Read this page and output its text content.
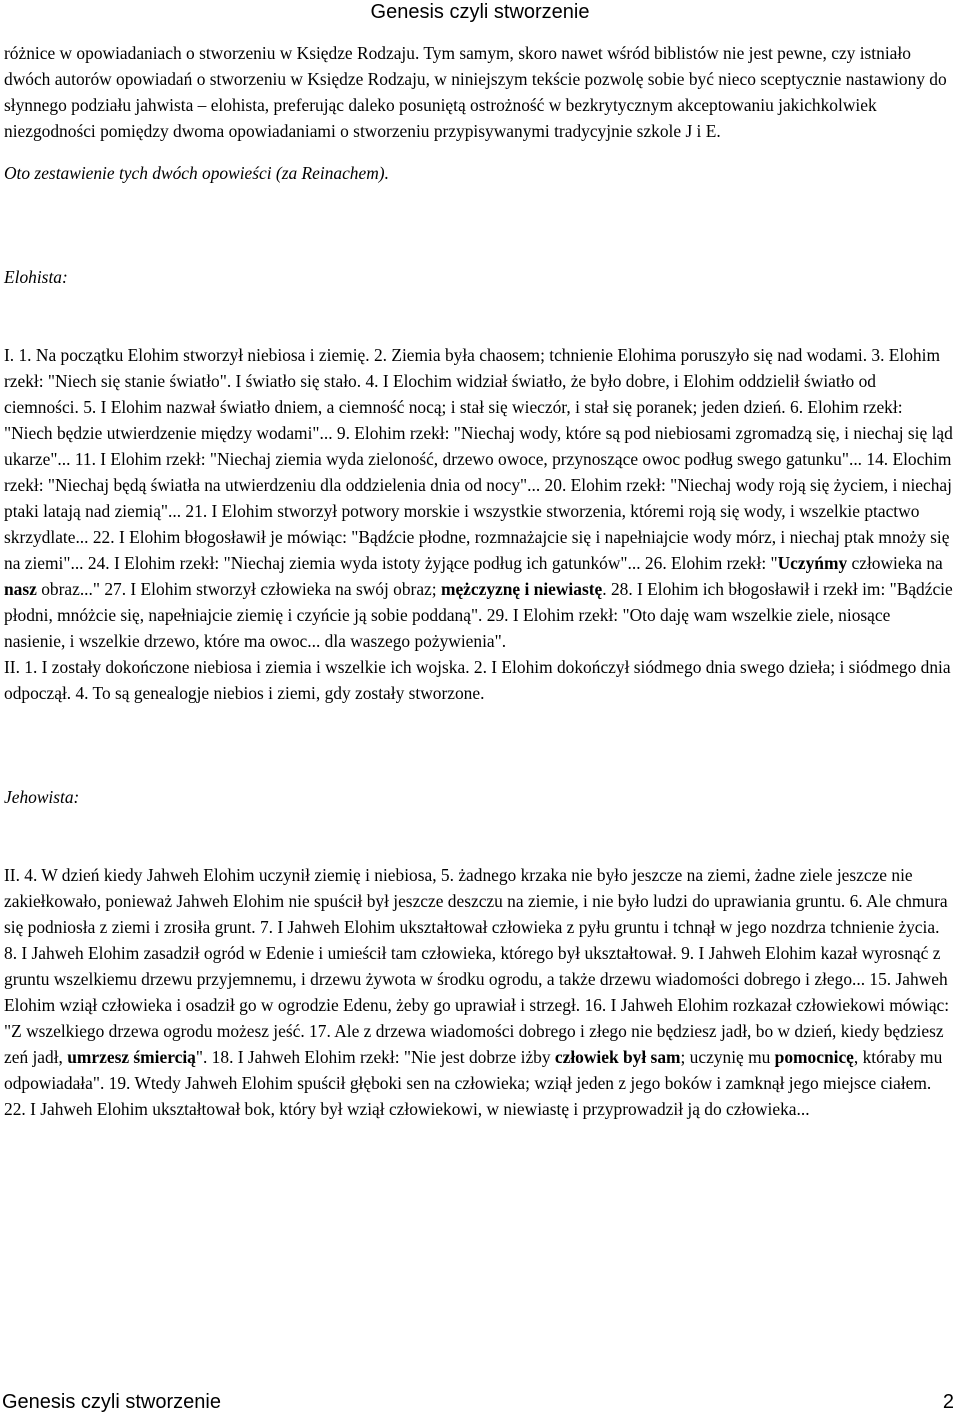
Genesis czyli stworzenie

różnice w opowiadaniach o stworzeniu w Księdze Rodzaju. Tym samym, skoro nawet wśród biblistów nie jest pewne, czy istniało dwóch autorów opowiadań o stworzeniu w Księdze Rodzaju, w niniejszym tekście pozwolę sobie być nieco sceptycznie nastawiony do słynnego podziału jahwista – elohista, preferując daleko posuniętą ostrożność w bezkrytycznym akceptowaniu jakichkolwiek niezgodności pomiędzy dwoma opowiadaniami o stworzeniu przypisywanymi tradycyjnie szkole J i E.

Oto zestawienie tych dwóch opowieści (za Reinachem).

Elohista:

I. 1. Na początku Elohim stworzył niebiosa i ziemię. 2. Ziemia była chaosem; tchnienie Elohima poruszyło się nad wodami. 3. Elohim rzekł: "Niech się stanie światło". I światło się stało. 4. I Elochim widział światło, że było dobre, i Elohim oddzielił światło od ciemności. 5. I Elohim nazwał światło dniem, a ciemność nocą; i stał się wieczór, i stał się poranek; jeden dzień. 6. Elohim rzekł: "Niech będzie utwierdzenie między wodami"... 9. Elohim rzekł: "Niechaj wody, które są pod niebiosami zgromadzą się, i niechaj się ląd ukarze"... 11. I Elohim rzekł: "Niechaj ziemia wyda zieloność, drzewo owoce, przynoszące owoc podług swego gatunku"... 14. Elochim rzekł: "Niechaj będą światła na utwierdzeniu dla oddzielenia dnia od nocy"... 20. Elohim rzekł: "Niechaj wody roją się życiem, i niechaj ptaki latają nad ziemią"... 21. I Elohim stworzył potwory morskie i wszystkie stworzenia, któremi roją się wody, i wszelkie ptactwo skrzydlate... 22. I Elohim błogosławił je mówiąc: "Bądźcie płodne, rozmnażajcie się i napełniajcie wody mórz, i niechaj ptak mnoży się na ziemi"... 24. I Elohim rzekł: "Niechaj ziemia wyda istoty żyjące podług ich gatunków"... 26. Elohim rzekł: "Uczyńmy człowieka na nasz obraz..." 27. I Elohim stworzył człowieka na swój obraz; mężczyznę i niewiastę. 28. I Elohim ich błogosławił i rzekł im: "Bądźcie płodni, mnóżcie się, napełniajcie ziemię i czyńcie ją sobie poddaną". 29. I Elohim rzekł: "Oto daję wam wszelkie ziele, niosące nasienie, i wszelkie drzewo, które ma owoc... dla waszego pożywienia".
II. 1. I zostały dokończone niebiosa i ziemia i wszelkie ich wojska. 2. I Elohim dokończył siódmego dnia swego dzieła; i siódmego dnia odpoczął. 4. To są genealogje niebios i ziemi, gdy zostały stworzone.

Jehowista:

II. 4. W dzień kiedy Jahweh Elohim uczynił ziemię i niebiosa, 5. żadnego krzaka nie było jeszcze na ziemi, żadne ziele jeszcze nie zakiełkowało, ponieważ Jahweh Elohim nie spuścił był jeszcze deszczu na ziemie, i nie było ludzi do uprawiania gruntu. 6. Ale chmura się podniosła z ziemi i zrosiła grunt. 7. I Jahweh Elohim ukształtował człowieka z pyłu gruntu i tchnął w jego nozdrza tchnienie życia. 8. I Jahweh Elohim zasadził ogród w Edenie i umieścił tam człowieka, którego był ukształtował. 9. I Jahweh Elohim kazał wyrosnąć z gruntu wszelkiemu drzewu przyjemnemu, i drzewu żywota w środku ogrodu, a także drzewu wiadomości dobrego i złego... 15. Jahweh Elohim wziął człowieka i osadził go w ogrodzie Edenu, żeby go uprawiał i strzegł. 16. I Jahweh Elohim rozkazał człowiekowi mówiąc: "Z wszelkiego drzewa ogrodu możesz jeść. 17. Ale z drzewa wiadomości dobrego i złego nie będziesz jadł, bo w dzień, kiedy będziesz zeń jadł, umrzesz śmiercią". 18. I Jahweh Elohim rzekł: "Nie jest dobrze iżby człowiek był sam; uczynię mu pomocnicę, któraby mu odpowiadała". 19. Wtedy Jahweh Elohim spuścił głęboki sen na człowieka; wziął jeden z jego boków i zamknął jego miejsce ciałem. 22. I Jahweh Elohim ukształtował bok, który był wziął człowiekowi, w niewiastę i przyprowadził ją do człowieka...

Genesis czyli stworzenie	2
